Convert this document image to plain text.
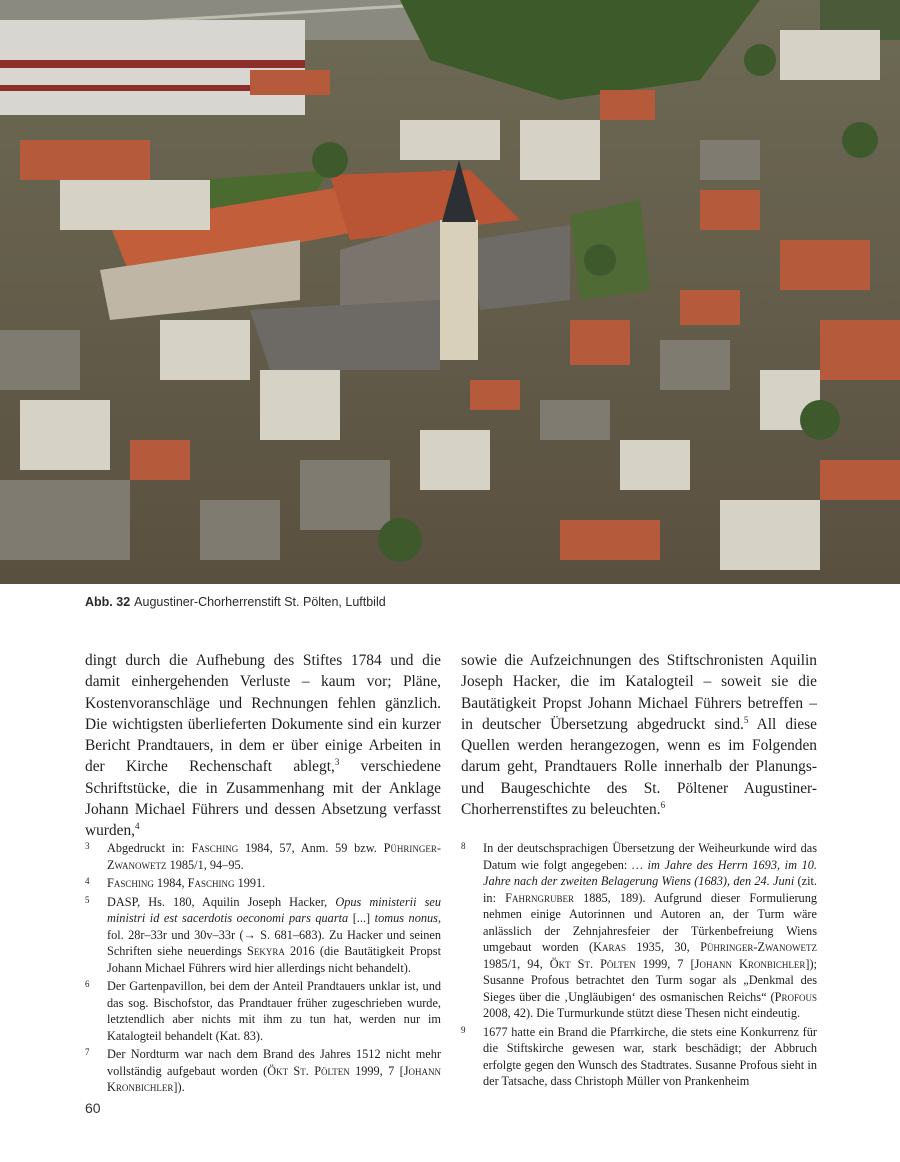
Abb. 32 Augustiner-Chorherrenstift St. Pölten, Luftbild

dingt durch die Aufhebung des Stiftes 1784 und die damit einhergehenden Verluste – kaum vor; Pläne, Kostenvoranschläge und Rechnungen fehlen gänzlich. Die wichtigsten überlieferten Dokumente sind ein kurzer Bericht Prandtauers, in dem er über einige Arbeiten in der Kirche Rechenschaft ablegt,$^3$ verschiedene Schriftstücke, die in Zusammenhang mit der Anklage Johann Michael Führers und dessen Absetzung verfasst wurden,$^4$

sowie die Aufzeichnungen des Stiftschronisten Aquilin Joseph Hacker, die im Katalogteil – soweit sie die Bautätigkeit Propst Johann Michael Führers betreffen – in deutscher Übersetzung abgedruckt sind.$^5$ All diese Quellen werden herangezogen, wenn es im Folgenden darum geht, Prandtauers Rolle innerhalb der Planungs- und Baugeschichte des St. Pöltener Augustiner-Chorherrenstiftes zu beleuchten.$^6$

3 Abgedruckt in: Fasching 1984, 57, Anm. 59 bzw. Pühringer-Zwanowetz 1985/1, 94–95.
4 Fasching 1984, Fasching 1991.
5 DASP, Hs. 180, Aquilin Joseph Hacker, Opus ministerii seu ministri id est sacerdotis oeconomi pars quarta [...] tomus nonus, fol. 28r–33r und 30v–33r (→ S. 681–683). Zu Hacker und seinen Schriften siehe neuerdings Sekyra 2016 (die Bautätigkeit Propst Johann Michael Führers wird hier allerdings nicht behandelt).
6 Der Gartenpavillon, bei dem der Anteil Prandtauers unklar ist, und das sog. Bischofstor, das Prandtauer früher zugeschrieben wurde, letztendlich aber nichts mit ihm zu tun hat, werden nur im Katalogteil behandelt (Kat. 83).
7 Der Nordturm war nach dem Brand des Jahres 1512 nicht mehr vollständig aufgebaut worden (Ökt St. Pölten 1999, 7 [Johann Kronbichler]).
8 In der deutschsprachigen Übersetzung der Weiheurkunde wird das Datum wie folgt angegeben: … im Jahre des Herrn 1693, im 10. Jahre nach der zweiten Belagerung Wiens (1683), den 24. Juni (zit. in: Fahrngruber 1885, 189). Aufgrund dieser Formulierung nehmen einige Autorinnen und Autoren an, der Turm wäre anlässlich der Zehnjahresfeier der Türkenbefreiung Wiens umgebaut worden (Karas 1935, 30, Pühringer-Zwanowetz 1985/1, 94, Ökt St. Pölten 1999, 7 [Johann Kronbichler]); Susanne Profous betrachtet den Turm sogar als „Denkmal des Sieges über die ‚Ungläubigen‘ des osmanischen Reichs“ (Profous 2008, 42). Die Turmurkunde stützt diese Thesen nicht eindeutig.
9 1677 hatte ein Brand die Pfarrkirche, die stets eine Konkurrenz für die Stiftskirche gewesen war, stark beschädigt; der Abbruch erfolgte gegen den Wunsch des Stadtrates. Susanne Profous sieht in der Tatsache, dass Christoph Müller von Prankenheim
60
